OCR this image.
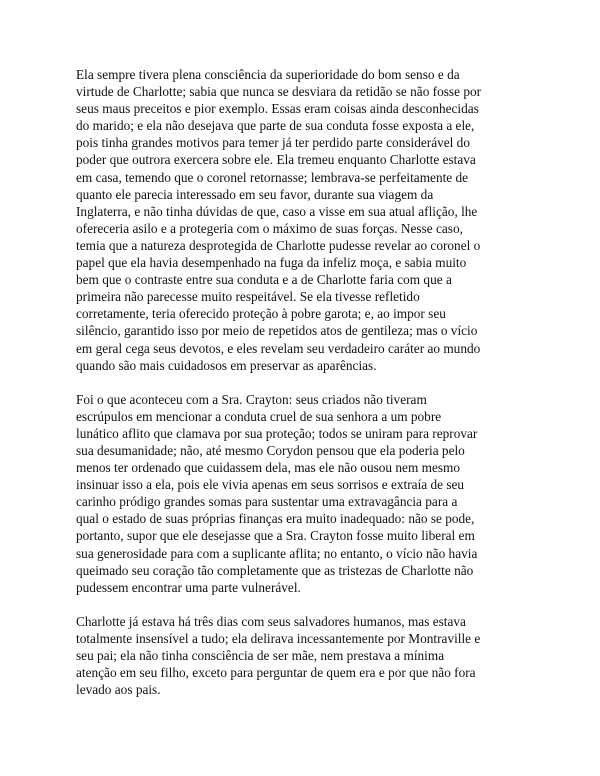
Ela sempre tivera plena consciência da superioridade do bom senso e da
virtude de Charlotte; sabia que nunca se desviara da retidão se não fosse por
seus maus preceitos e pior exemplo. Essas eram coisas ainda desconhecidas
do marido; e ela não desejava que parte de sua conduta fosse exposta a ele,
pois tinha grandes motivos para temer já ter perdido parte considerável do
poder que outrora exercera sobre ele. Ela tremeu enquanto Charlotte estava
em casa, temendo que o coronel retornasse; lembrava-se perfeitamente de
quanto ele parecia interessado em seu favor, durante sua viagem da
Inglaterra, e não tinha dúvidas de que, caso a visse em sua atual aflição, lhe
ofereceria asilo e a protegeria com o máximo de suas forças. Nesse caso,
temia que a natureza desprotegida de Charlotte pudesse revelar ao coronel o
papel que ela havia desempenhado na fuga da infeliz moça, e sabia muito
bem que o contraste entre sua conduta e a de Charlotte faria com que a
primeira não parecesse muito respeitável. Se ela tivesse refletido
corretamente, teria oferecido proteção à pobre garota; e, ao impor seu
silêncio, garantido isso por meio de repetidos atos de gentileza; mas o vício
em geral cega seus devotos, e eles revelam seu verdadeiro caráter ao mundo
quando são mais cuidadosos em preservar as aparências.

Foi o que aconteceu com a Sra. Crayton: seus criados não tiveram
escrúpulos em mencionar a conduta cruel de sua senhora a um pobre
lunático aflito que clamava por sua proteção; todos se uniram para reprovar
sua desumanidade; não, até mesmo Corydon pensou que ela poderia pelo
menos ter ordenado que cuidassem dela, mas ele não ousou nem mesmo
insinuar isso a ela, pois ele vivia apenas em seus sorrisos e extraía de seu
carinho pródigo grandes somas para sustentar uma extravagância para a
qual o estado de suas próprias finanças era muito inadequado: não se pode,
portanto, supor que ele desejasse que a Sra. Crayton fosse muito liberal em
sua generosidade para com a suplicante aflita; no entanto, o vício não havia
queimado seu coração tão completamente que as tristezas de Charlotte não
pudessem encontrar uma parte vulnerável.

Charlotte já estava há três dias com seus salvadores humanos, mas estava
totalmente insensível a tudo; ela delirava incessantemente por Montraville e
seu pai; ela não tinha consciência de ser mãe, nem prestava a mínima
atenção em seu filho, exceto para perguntar de quem era e por que não fora
levado aos pais.
